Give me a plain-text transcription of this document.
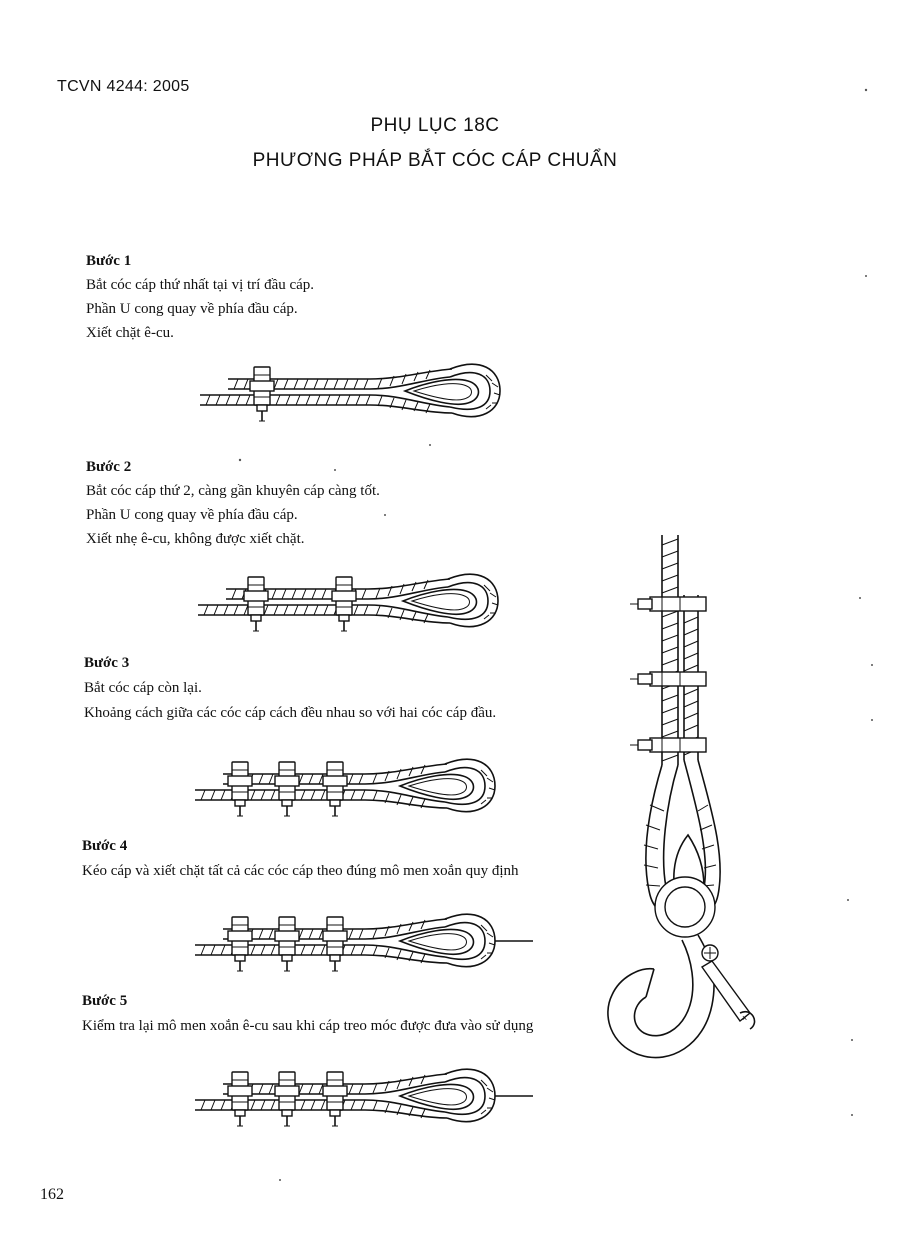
TCVN 4244: 2005
PHỤ LỤC 18C
PHƯƠNG PHÁP BẮT CÓC CÁP CHUẨN
Bước 1
Bắt cóc cáp thứ nhất tại vị trí đầu cáp.
Phần U cong quay về phía đầu cáp.
Xiết chặt ê-cu.
Bước 2
Bắt cóc cáp thứ 2, càng gần khuyên cáp càng tốt.
Phần U cong quay về phía đầu cáp.
Xiết nhẹ ê-cu, không được xiết chặt.
Bước 3
Bắt cóc cáp còn lại.
Khoảng cách giữa các cóc cáp cách đều nhau so với hai cóc cáp đầu.
Bước 4
Kéo cáp và xiết chặt tất cả các cóc cáp theo đúng mô men xoắn quy định
Bước 5
Kiểm tra lại mô men xoắn ê-cu sau khi cáp treo móc được đưa vào sử dụng	×
162
